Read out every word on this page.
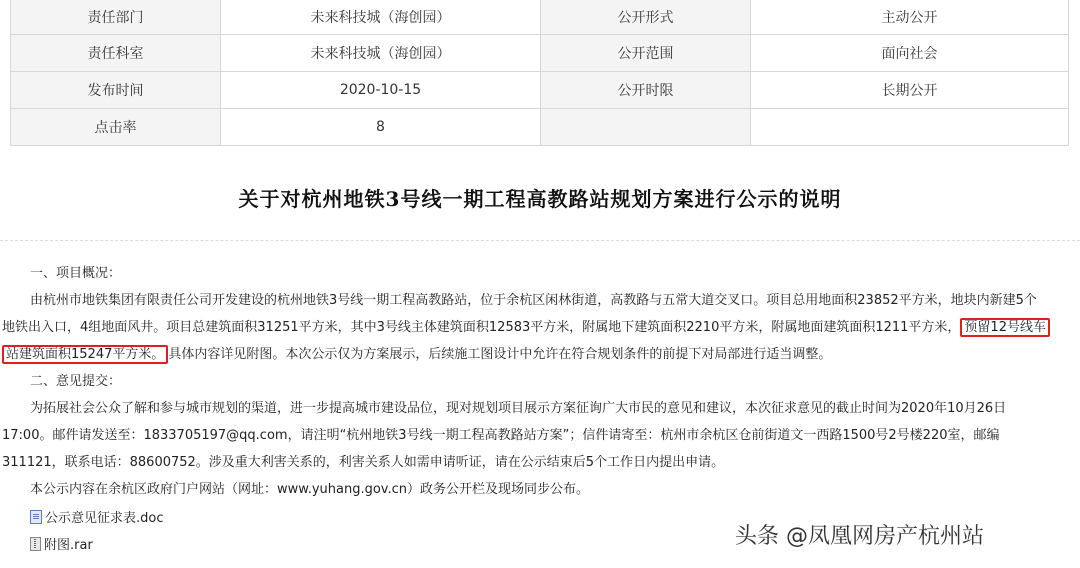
责任部门	未来科技城（海创园）	公开形式	主动公开
责任科室	未来科技城（海创园）	公开范围	面向社会
发布时间	2020-10-15	公开时限	长期公开
点击率	8		
关于对杭州地铁3号线一期工程高教路站规划方案进行公示的说明
一、项目概况：
由杭州市地铁集团有限责任公司开发建设的杭州地铁3号线一期工程高教路站，位于余杭区闲林街道，高教路与五常大道交叉口。项目总用地面积23852平方米，地块内新建5个
地铁出入口，4组地面风井。项目总建筑面积31251平方米，其中3号线主体建筑面积12583平方米，附属地下建筑面积2210平方米，附属地面建筑面积1211平方米， 预留12号线车
站建筑面积15247平方米。 具体内容详见附图。本次公示仅为方案展示，后续施工图设计中允许在符合规划条件的前提下对局部进行适当调整。
二、意见提交：
为拓展社会公众了解和参与城市规划的渠道，进一步提高城市建设品位，现对规划项目展示方案征询广大市民的意见和建议，本次征求意见的截止时间为2020年10月26日
17:00。邮件请发送至：1833705197@qq.com，请注明“杭州地铁3号线一期工程高教路站方案”；信件请寄至：杭州市余杭区仓前街道文一西路1500号2号楼220室，邮编
311121，联系电话：88600752。涉及重大利害关系的，利害关系人如需申请听证，请在公示结束后5个工作日内提出申请。
本公示内容在余杭区政府门户网站（网址：www.yuhang.gov.cn）政务公开栏及现场同步公布。
公示意见征求表.doc
附图.rar	头条 @凤凰网房产杭州站
